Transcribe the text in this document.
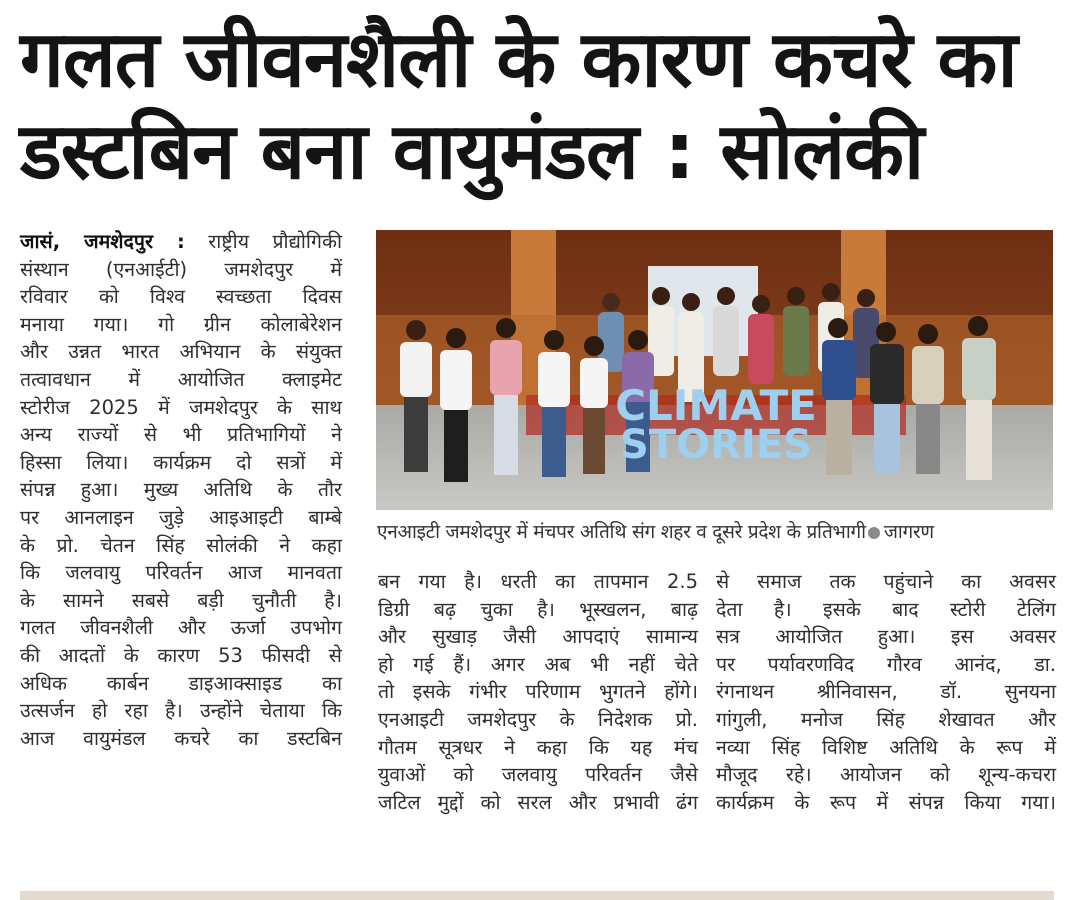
गलत जीवनशैली के कारण कचरे का
डस्टबिन बना वायुमंडल : सोलंकी
जासं, जमशेदपुर : राष्ट्रीय प्रौद्योगिकी
संस्थान (एनआईटी) जमशेदपुर में
रविवार को विश्व स्वच्छता दिवस
मनाया गया। गो ग्रीन कोलाबेरेशन
और उन्नत भारत अभियान के संयुक्त
तत्वावधान में आयोजित क्लाइमेट
स्टोरीज 2025 में जमशेदपुर के साथ
अन्य राज्यों से भी प्रतिभागियों ने
हिस्सा लिया। कार्यक्रम दो सत्रों में
संपन्न हुआ। मुख्य अतिथि के तौर
पर आनलाइन जुड़े आइआइटी बाम्बे
के प्रो. चेतन सिंह सोलंकी ने कहा
कि जलवायु परिवर्तन आज मानवता
के सामने सबसे बड़ी चुनौती है।
गलत जीवनशैली और ऊर्जा उपभोग
की आदतों के कारण 53 फीसदी से
अधिक कार्बन डाइआक्साइड का
उत्सर्जन हो रहा है। उन्होंने चेताया कि
आज वायुमंडल कचरे का डस्टबिन
CLIMATE
STORIES
एनआइटी जमशेदपुर में मंचपर अतिथि संग शहर व दूसरे प्रदेश के प्रतिभागी जागरण
बन गया है। धरती का तापमान 2.5
डिग्री बढ़ चुका है। भूस्खलन, बाढ़
और सुखाड़ जैसी आपदाएं सामान्य
हो गई हैं। अगर अब भी नहीं चेते
तो इसके गंभीर परिणाम भुगतने होंगे।
एनआइटी जमशेदपुर के निदेशक प्रो.
गौतम सूत्रधर ने कहा कि यह मंच
युवाओं को जलवायु परिवर्तन जैसे
जटिल मुद्दों को सरल और प्रभावी ढंग
से समाज तक पहुंचाने का अवसर
देता है। इसके बाद स्टोरी टेलिंग
सत्र आयोजित हुआ। इस अवसर
पर पर्यावरणविद गौरव आनंद, डा.
रंगनाथन श्रीनिवासन, डॉ. सुनयना
गांगुली, मनोज सिंह शेखावत और
नव्या सिंह विशिष्ट अतिथि के रूप में
मौजूद रहे। आयोजन को शून्य-कचरा
कार्यक्रम के रूप में संपन्न किया गया।
